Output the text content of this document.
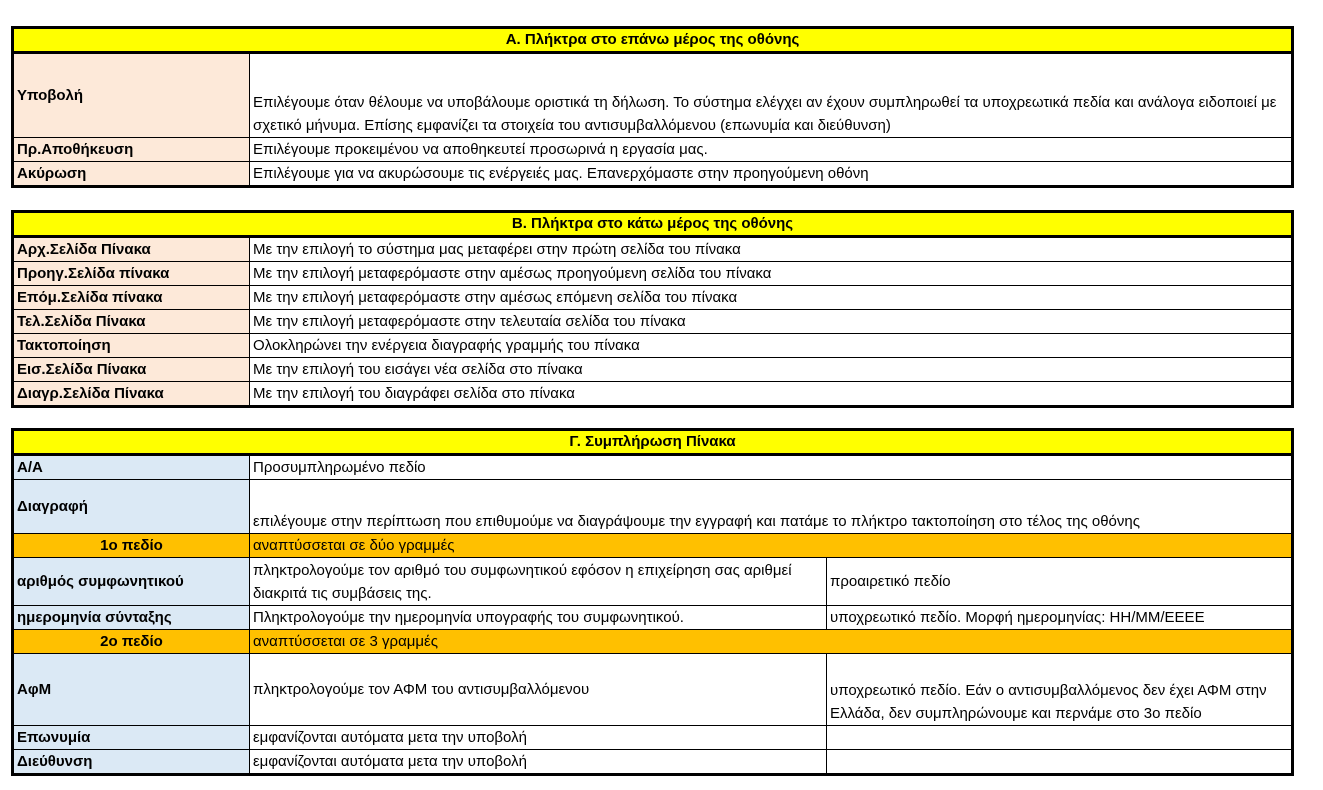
Α. Πλήκτρα στο επάνω μέρος της οθόνης	
Υποβολή	Επιλέγουμε όταν θέλουμε να υποβάλουμε οριστικά τη δήλωση. Το σύστημα ελέγχει αν έχουν συμπληρωθεί τα υποχρεωτικά πεδία και ανάλογα ειδοποιεί με σχετικό μήνυμα. Επίσης εμφανίζει τα στοιχεία του αντισυμβαλλόμενου (επωνυμία και διεύθυνση)
Πρ.Αποθήκευση	Επιλέγουμε προκειμένου να αποθηκευτεί προσωρινά η εργασία μας.
Ακύρωση	Επιλέγουμε για να ακυρώσουμε τις ενέργειές μας. Επανερχόμαστε στην προηγούμενη οθόνη
Β. Πλήκτρα στο κάτω μέρος της οθόνης	
Αρχ.Σελίδα Πίνακα	Με την επιλογή το σύστημα μας μεταφέρει στην πρώτη σελίδα του πίνακα
Προηγ.Σελίδα πίνακα	Με την επιλογή μεταφερόμαστε στην αμέσως προηγούμενη σελίδα του πίνακα
Επόμ.Σελίδα πίνακα	Με την επιλογή μεταφερόμαστε στην αμέσως επόμενη σελίδα του πίνακα
Τελ.Σελίδα Πίνακα	Με την επιλογή μεταφερόμαστε στην τελευταία σελίδα του πίνακα
Τακτοποίηση	Ολοκληρώνει την ενέργεια διαγραφής γραμμής του πίνακα
Εισ.Σελίδα Πίνακα	Με την επιλογή του εισάγει νέα σελίδα στο πίνακα
Διαγρ.Σελίδα Πίνακα	Με την επιλογή του διαγράφει σελίδα στο πίνακα
Γ. Συμπλήρωση Πίνακα		
Α/Α	Προσυμπληρωμένο πεδίο	
Διαγραφή	επιλέγουμε στην περίπτωση που επιθυμούμε να διαγράψουμε την εγγραφή και πατάμε το πλήκτρο τακτοποίηση στο τέλος της οθόνης	
1ο πεδίο	αναπτύσσεται σε δύο γραμμές	
αριθμός συμφωνητικού	πληκτρολογούμε τον αριθμό του συμφωνητικού εφόσον η επιχείρηση σας αριθμεί διακριτά τις συμβάσεις της.	προαιρετικό πεδίο
ημερομηνία σύνταξης	Πληκτρολογούμε την ημερομηνία υπογραφής του συμφωνητικού.	υποχρεωτικό πεδίο. Μορφή ημερομηνίας: ΗΗ/ΜΜ/ΕΕΕΕ
2ο πεδίο	αναπτύσσεται σε 3 γραμμές	
ΑφΜ	πληκτρολογούμε τον ΑΦΜ του αντισυμβαλλόμενου	υποχρεωτικό πεδίο. Εάν ο αντισυμβαλλόμενος δεν έχει ΑΦΜ στην Ελλάδα, δεν συμπληρώνουμε και περνάμε στο 3ο πεδίο
Επωνυμία	εμφανίζονται αυτόματα μετα την υποβολή	
Διεύθυνση	εμφανίζονται αυτόματα μετα την υποβολή	
